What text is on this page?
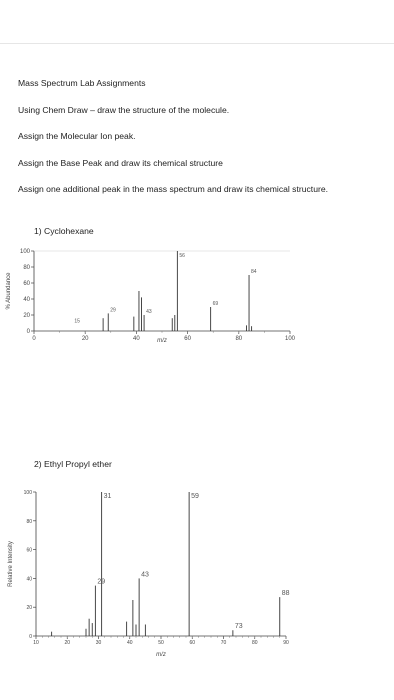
Mass Spectrum Lab Assignments

Using Chem Draw – draw the structure of the molecule.

Assign the Molecular Ion peak.

Assign the Base Peak and draw its chemical structure

Assign one additional peak in the mass spectrum and draw its chemical structure.

1) Cyclohexane
0
20
40
60
80
100
0	20	40	60	80	100
m/z
% Abundance
15
29	43
56
69
84
2) Ethyl Propyl ether
0
20
40
60
80
100
10	20	30	40	50	60	70	80	90
m/z
Relative Intensity
31
29
43
59
73
88
